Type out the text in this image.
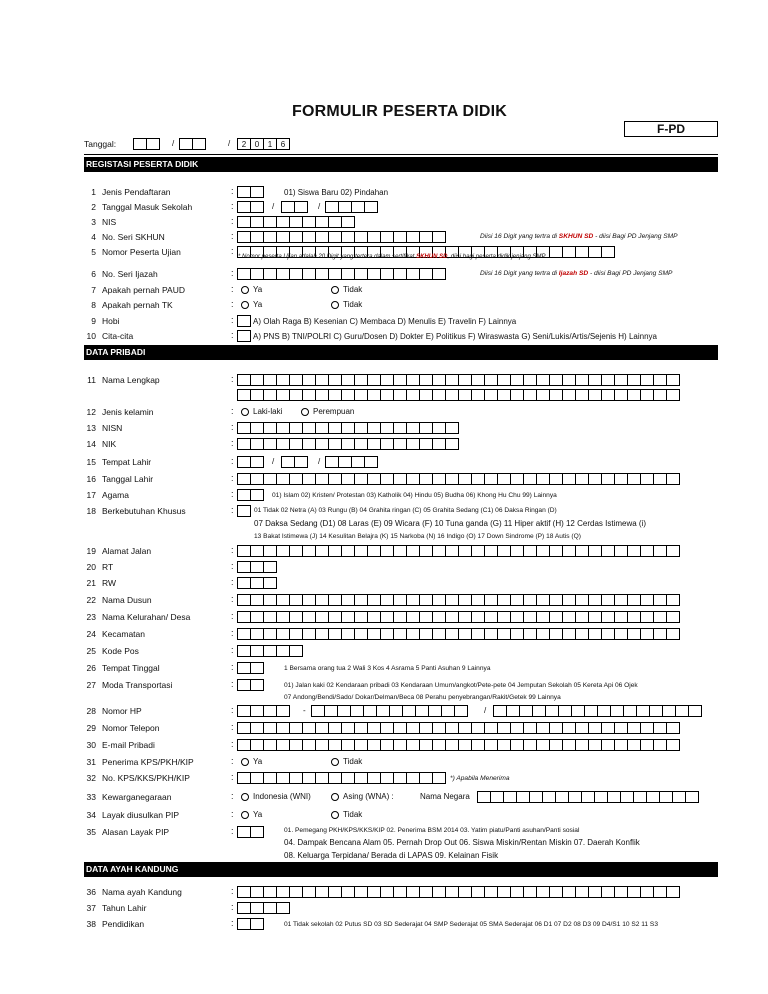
FORMULIR PESERTA DIDIK
F-PD
Tanggal:	/	/	2	0	1	6
REGISTASI PESERTA DIDIK
1 Jenis Pendaftaran	:	01) Siswa Baru 02) Pindahan
2 Tanggal Masuk Sekolah	:	/	/
3 NIS	:
4 No. Seri SKHUN	:	Diisi 16 Digit yang tertra di SKHUN SD - diisi Bagi PD Jenjang SMP
5 Nomor Peserta Ujian	:
* Nomor peserta Ujian adalah 20 Digit yang tertera dalam sertifikat SKHUN SD, diisi bagi peserta didik jenjang SMP
6 No. Seri Ijazah	:	Diisi 16 Digit yang tertra di Ijazah SD - diisi Bagi PD Jenjang SMP
7 Apakah pernah PAUD	: Ya	Tidak
8 Apakah pernah TK	: Ya	Tidak
9 Hobi	: A) Olah Raga B) Kesenian C) Membaca D) Menulis E) Travelin F) Lainnya
10 Cita-cita	: A) PNS B) TNI/POLRI C) Guru/Dosen D) Dokter E) Politikus F) Wiraswasta G) Seni/Lukis/Artis/Sejenis H) Lainnya
11 Nama Lengkap	:
12 Jenis kelamin	: Laki-laki	Perempuan
13 NISN	:
14 NIK	:
15 Tempat Lahir	:	/	/
16 Tanggal Lahir	:
17 Agama	:	01) Islam 02) Kristen/ Protestan 03) Katholik 04) Hindu 05) Budha 06) Khong Hu Chu 99) Lainnya
18 Berkebutuhan Khusus	:	01 Tidak 02 Netra (A) 03 Rungu (B) 04 Grahita ringan (C) 05 Grahita Sedang (C1) 06 Daksa Ringan (D)
07 Daksa Sedang (D1) 08 Laras (E) 09 Wicara (F) 10 Tuna ganda (G) 11 Hiper aktif (H) 12 Cerdas Istimewa (i)
13 Bakat Istimewa (J) 14 Kesulitan Belajra (K) 15 Narkoba (N) 16 Indigo (O) 17 Down Sindrome (P) 18 Autis (Q)
19 Alamat Jalan	:
20 RT	:
21 RW	:
22 Nama Dusun	:
23 Nama Kelurahan/ Desa	:
24 Kecamatan	:
25 Kode Pos	:
26 Tempat Tinggal	:	1 Bersama orang tua 2 Wali 3 Kos 4 Asrama 5 Panti Asuhan 9 Lainnya
27 Moda Transportasi	:	01) Jalan kaki 02 Kendaraan pribadi 03 Kendaraan Umum/angkot/Pete-pete 04 Jemputan Sekolah 05 Kereta Api 06 Ojek
07 Andong/Bendi/Sado/ Dokar/Delman/Beca 08 Perahu penyebrangan/Rakit/Getek 99 Lainnya
28 Nomor HP	:	-	/
29 Nomor Telepon	:
30 E-mail Pribadi	:
31 Penerima KPS/PKH/KIP	: Ya	Tidak
32 No. KPS/KKS/PKH/KIP	:	*) Apabila Menerima
33 Kewarganegaraan	: Indonesia (WNI)	Asing (WNA) :	Nama Negara
34 Layak diusulkan PIP	: Ya	Tidak
35 Alasan Layak PIP	:	01. Pemegang PKH/KPS/KKS/KIP 02. Penerima BSM 2014 03. Yatim piatu/Panti asuhan/Panti sosial
04. Dampak Bencana Alam 05. Pernah Drop Out 06. Siswa Miskin/Rentan Miskin 07. Daerah Konflik
08. Keluarga Terpidana/ Berada di LAPAS 09. Kelainan Fisik
36 Nama ayah Kandung	:
37 Tahun Lahir	:
38 Pendidikan	:	01 Tidak sekolah 02 Putus SD 03 SD Sederajat 04 SMP Sederajat 05 SMA Sederajat 06 D1 07 D2 08 D3 09 D4/S1 10 S2 11 S3
DATA PRIBADI
DATA AYAH KANDUNG
